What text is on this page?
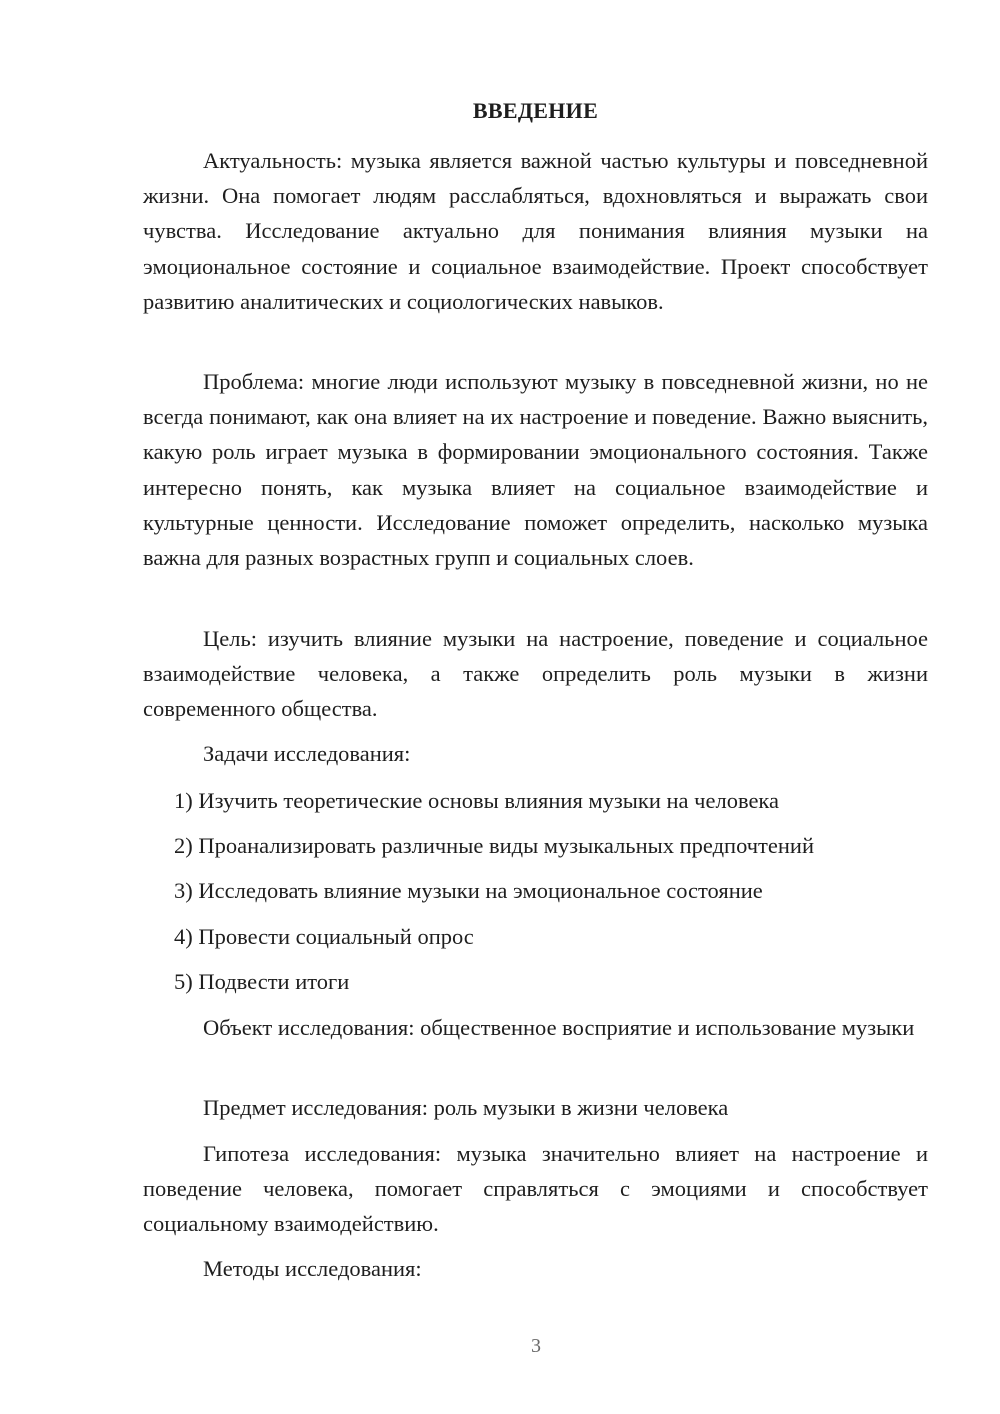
ВВЕДЕНИЕ

Актуальность: музыка является важной частью культуры и повседневной жизни. Она помогает людям расслабляться, вдохновляться и выражать свои чувства. Исследование актуально для понимания влияния музыки на эмоциональное состояние и социальное взаимодействие. Проект способствует развитию аналитических и социологических навыков.

Проблема: многие люди используют музыку в повседневной жизни, но не всегда понимают, как она влияет на их настроение и поведение. Важно выяснить, какую роль играет музыка в формировании эмоционального состояния. Также интересно понять, как музыка влияет на социальное взаимодействие и культурные ценности. Исследование поможет определить, насколько музыка важна для разных возрастных групп и социальных слоев.

Цель: изучить влияние музыки на настроение, поведение и социальное взаимодействие человека, а также определить роль музыки в жизни современного общества.

Задачи исследования:

1) Изучить теоретические основы влияния музыки на человека

2) Проанализировать различные виды музыкальных предпочтений

3) Исследовать влияние музыки на эмоциональное состояние

4) Провести социальный опрос

5) Подвести итоги

Объект исследования: общественное восприятие и использование музыки

Предмет исследования: роль музыки в жизни человека

Гипотеза исследования: музыка значительно влияет на настроение и поведение человека, помогает справляться с эмоциями и способствует социальному взаимодействию.

Методы исследования:

3
